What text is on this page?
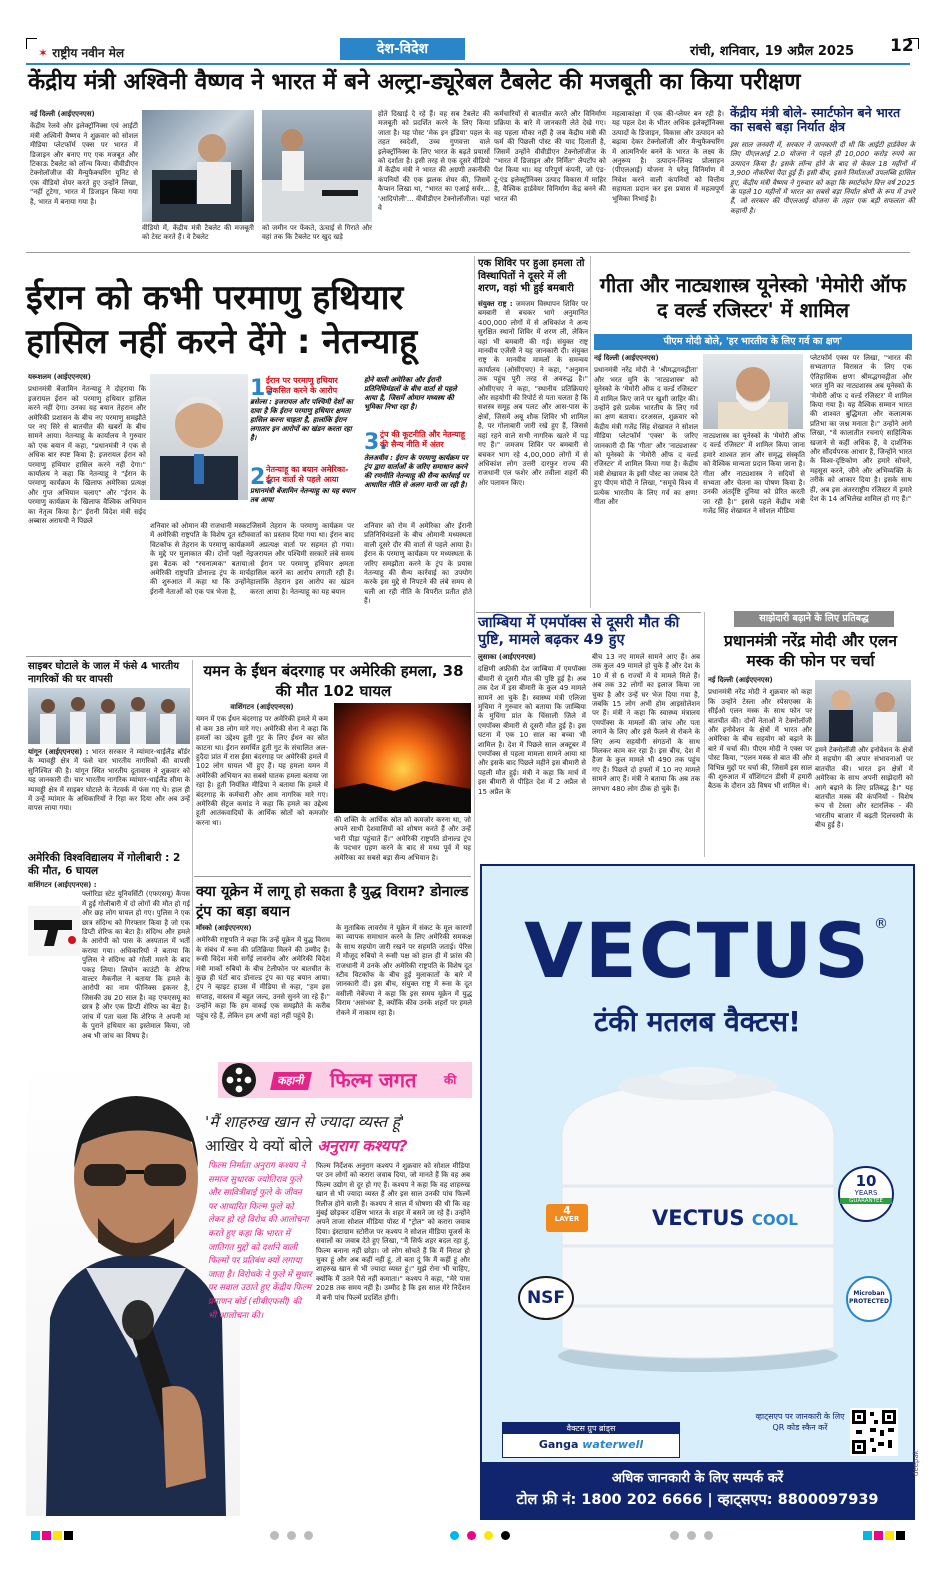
✶ राष्ट्रीय नवीन मेल	देश-विदेश	रांची, शनिवार, 19 अप्रैल 2025 12
केंद्रीय मंत्री अश्विनी वैष्णव ने भारत में बने अल्ट्रा-ड्यूरेबल टैबलेट की मजबूती का किया परीक्षण

नई दिल्ली (आईएएनएस)

केंद्रीय रेलवे और इलेक्ट्रॉनिक्स एवं आईटी मंत्री अश्विनी वैष्णव ने शुक्रवार को सोशल मीडिया प्लेटफॉर्म एक्स पर भारत में डिजाइन और बनाए गए एक मजबूत और टिकाऊ टैबलेट को लॉन्च किया। वीवीडीएन टेक्नोलॉजीज की मैन्युफैक्चरिंग यूनिट से एक वीडियो शेयर करते हुए उन्होंने लिखा, "नहीं टूटेगा, भारत में डिजाइन किया गया है, भारत में बनाया गया है।

वीडियो में, केंद्रीय मंत्री टैबलेट की मजबूती को टेस्ट करते हैं। वे टैबलेट

को जमीन पर फेंकते, ऊंचाई से गिराते और वहां तक कि टैबलेट पर खुद खड़े

होते दिखाई दे रहे हैं। वह सब टैबलेट की मजबूती को प्रदर्शित करने के लिए किया जाता है। यह पोस्ट 'मेक इन इंडिया' पहल के तहत स्वदेशी, उच्च गुणवत्ता वाले इलेक्ट्रॉनिक्स के लिए भारत के बढ़ते प्रयासों को दर्शाता है। इसी तरह से एक दूसरे वीडियो में केंद्रीय मंत्री ने भारत की अग्रणी तकनीकी कंपनियों की एक झलक शेयर की, जिसमें कैप्शन लिखा था, "भारत का एआई सर्वर... 'आदिपोली'... वीवीडीएन टेक्नोलॉजीज। यहां वे

कर्मचारियों से बातचीत करते और विनिर्माण प्रक्रिया के बारे में जानकारी लेते देखे गए। वह पहला मौका नहीं है जब केंद्रीय मंत्री की फर्म की पिछली पोस्ट की याद दिलाती है, जिसमें उन्होंने वीवीडीएन टेक्नोलॉजीज के "भारत में डिजाइन और निर्मित" लैपटॉप को पेश किया था। यह परिपूर्ण कंपनी, जो एंड-टू-एंड इलेक्ट्रॉनिक्स उत्पाद विकास में माहिर है, वैश्विक हार्डवेयर विनिर्माण केंद्र बनने की भारत की

महत्वाकांक्षा में एक की-प्लेयर बन रही है। यह पहल देश के भीतर अधिक इलेक्ट्रॉनिक्स उत्पादों के डिजाइन, विकास और उत्पादन को बढ़ावा देकर टेक्नोलॉजी और मैन्युफैक्चरिंग में आत्मनिर्भर बनने के भारत के लक्ष्य के अनुरूप है। उत्पादन-लिंक्ड प्रोत्साहन (पीएलआई) योजना ने घरेलू विनिर्माण में निवेश करने वाली कंपनियों को वित्तीय सहायता प्रदान कर इस प्रयास में महत्वपूर्ण भूमिका निभाई है।

केंद्रीय मंत्री बोले- स्मार्टफोन बने भारत का सबसे बड़ा निर्यात क्षेत्र

इस साल जनवरी में, सरकार ने जानकारी दी थी कि आईटी हार्डवेयर के लिए पीएलआई 2.0 योजना ने पहले ही 10,000 करोड़ रुपये का उत्पादन किया है। इसके लॉन्च होने के बाद से केवल 18 महीनों में 3,900 नौकरियां पैदा हुई हैं। इसी बीच, इसने निर्माताओं उपलब्धि हासिल हुए, केंद्रीय मंत्री वैष्णव ने गुरुवार को कहा कि स्मार्टफोन वित्त वर्ष 2025 के पहले 10 महीनों में भारत का सबसे बड़ा निर्यात श्रेणी के रूप में उभरे हैं, जो सरकार की पीएलआई योजना के तहत एक बड़ी सफलता की कहानी है।

ईरान को कभी परमाणु हथियार हासिल नहीं करने देंगे : नेतन्याहू

यरूशलम (आईएएनएस)

प्रधानमंत्री बेंजामिन नेतन्याहू ने दोहराया कि इजरायल ईरान को परमाणु हथियार हासिल करने नहीं देगा। उनका यह बयान तेहरान और अमेरिकी प्रशासन के बीच नए परमाणु समझौते पर नए सिरे से बातचीत की खबरों के बीच सामने आया। नेतन्याहू के कार्यालय ने गुरुवार को एक बयान में कहा, "प्रधानमंत्री ने एक से अधिक बार स्पष्ट किया है: इजरायल ईरान को परमाणु हथियार हासिल करने नहीं देगा।" कार्यालय ने कहा कि नेतन्याहू ने "ईरान के परमाणु कार्यक्रम के खिलाफ अमेरिका प्रत्यक्ष और गुप्त अभियान चलाए" और "ईरान के परमाणु कार्यक्रम के खिलाफ वैश्विक अभियान का नेतृत्व किया है।" ईरानी विदेश मंत्री सईद अब्बास अराघची ने पिछले

1.
ईरान पर परमाणु हथियार विकसित करने के आरोप
ब्रसेल्स : इजरायल और पश्चिमी देशों का दावा है कि ईरान परमाणु हथियार क्षमता हासिल करना चाहता है, हालांकि ईरान लगातार इन आरोपों का खंडन करता रहा है।
2.
नेतन्याहू का बयान अमेरिका-ईरान वार्ता से पहले आया
प्रधानमंत्री बेंजामिन नेतन्याहू का यह बयान तब आया
होने वाली अमेरिका और ईरानी प्रतिनिधिमंडलों के बीच वार्ता से पहले आया है, जिसमें ओमान मध्यस्थ की भूमिका निभा रहा है।
3.
ट्रंप की कूटनीति और नेतन्याहू की सैन्य नीति में अंतर
तेलअवीव : ईरान के परमाणु कार्यक्रम पर ट्रंप द्वारा वार्ताओं के जरिए समाधान करने की रणनीति नेतन्याहू की सैन्य कार्रवाई पर आधारित नीति से अलग मानी जा रही है।

शनिवार को ओमान की राजधानी मस्कट में अमेरिकी राष्ट्रपति के विशेष दूत स्टीव विटकॉफ से तेहरान के परमाणु कार्यक्रम के मुद्दे पर मुलाकात की। दोनों पक्षों ने इस बैठक को "रचनात्मक" बताया। अमेरिकी राष्ट्रपति डोनाल्ड ट्रंप के मार्च की शुरुआत में कहा था कि उन्होंने ईरानी नेताओं को एक पत्र भेजा है,

जिसमें तेहरान के परमाणु कार्यक्रम पर वार्ता का प्रस्ताव दिया गया था। ईरान बाद में अप्रत्यक्ष वार्ता पर सहमत हो गया। इजरायल और पश्चिमी सरकारें लंबे समय से ईरान पर परमाणु हथियार क्षमता हासिल करने का आरोप लगाती रही हैं। हालांकि तेहरान इस आरोप का खंडन करता आया है। नेतन्याहू का यह बयान

शनिवार को रोम में अमेरिका और ईरानी प्रतिनिधिमंडलों के बीच ओमानी मध्यस्थता वाली दूसरे दौर की वार्ता से पहले आया है। ईरान के परमाणु कार्यक्रम पर मध्यस्थता के जरिए समझौता करने के ट्रंप के प्रयास नेतन्याहू की सैन्य कार्रवाई का उपयोग करके इस मुद्दे से निपटने की लंबे समय से चली आ रही नीति के विपरीत प्रतीत होते हैं।

एक शिविर पर हुआ हमला तो विस्थापितों ने दूसरे में ली शरण, वहां भी हुई बमबारी

संयुक्त राष्ट्र : जमजम विस्थापन शिविर पर बमबारी से बचकर भागे अनुमानित 400,000 लोगों में से अधिकांश ने अन्य सुरक्षित स्थानों शिविर में शरण ली, लेकिन वहां भी बमबारी की गई। संयुक्त राष्ट्र मानवीय एजेंसी ने यह जानकारी दी। संयुक्त राष्ट्र के मानवीय मामलों के समन्वय कार्यालय (ओसीएचए) ने कहा, "अनुमान तक पहुंच पूरी तरह से अवरुद्ध है।" ओसीएचए ने कहा, "स्थानीय प्रतिक्रियाएं और सहयोगी की रिपोर्ट से पता चलता है कि सशस्त्र समूह अब पलट और आस-पास के क्षेत्रों, जिसमें अबू शौक शिविर भी शामिल है, पर गोलाबारी जारी रखे हुए हैं, जिससे वहां रहने वाले सभी नागरिक खतरे में पड़ गए हैं।" जमजम शिविर पर बमबारी से बचकर भाग रहे 4,00,000 लोगों में से अधिकांश लोग उत्तरी दारफुर राज्य की राजधानी एल फशेर और तवीला शहरों की ओर पलायन किए।

गीता और नाट्यशास्त्र यूनेस्को 'मेमोरी ऑफ द वर्ल्ड रजिस्टर' में शामिल
पीएम मोदी बोले, 'हर भारतीय के लिए गर्व का क्षण'

नई दिल्ली (आईएएनएस)

प्रधानमंत्री नरेंद्र मोदी ने 'श्रीमद्भगवद्गीता' और भरत मुनि के 'नाट्यशास्त्र' को यूनेस्को के 'मेमोरी ऑफ द वर्ल्ड रजिस्टर' में शामिल किए जाने पर खुशी जाहिर की। उन्होंने इसे प्रत्येक भारतीय के लिए गर्व का क्षण बताया। दरअसल, शुक्रवार को केंद्रीय मंत्री गजेंद्र सिंह शेखावत ने सोशल मीडिया प्लेटफॉर्म 'एक्स' के जरिए जानकारी दी कि 'गीता' और 'नाट्यशास्त्र' को यूनेस्को के 'मेमोरी ऑफ द वर्ल्ड रजिस्टर' में शामिल किया गया है। केंद्रीय मंत्री शेखावत के इसी पोस्ट का जवाब देते हुए पीएम मोदी ने लिखा, "समूचे विश्व में प्रत्येक भारतीय के लिए गर्व का क्षण! गीता और

नाट्यशास्त्र का यूनेस्को के 'मेमोरी ऑफ द वर्ल्ड रजिस्टर' में शामिल किया जाना हमारे शाश्वत ज्ञान और समृद्ध संस्कृति को वैश्विक मान्यता प्रदान किया जाना है। गीता और नाट्यशास्त्र ने सदियों से सभ्यता और चेतना का पोषण किया है। उनकी अंतर्दृष्टि दुनिया को प्रेरित करती जा रही है।" इससे पहले केंद्रीय मंत्री गजेंद्र सिंह शेखावत ने सोशल मीडिया

प्लेटफॉर्म एक्स पर लिखा, "भारत की सभ्यतागत विरासत के लिए एक ऐतिहासिक क्षण! श्रीमद्भगवद्गीता और भरत मुनि का नाट्यशास्त्र अब यूनेस्को के 'मेमोरी ऑफ द वर्ल्ड रजिस्टर' में शामिल किया गया है। यह वैश्विक सम्मान भारत की शाश्वत बुद्धिमता और कलात्मक प्रतिभा का जश्न मनाता है।" उन्होंने आगे लिखा, "ये कालातीत रचनाएं साहित्यिक खजाने से कहीं अधिक हैं, वे दार्शनिक और सौंदर्यपरक आधार हैं, जिन्होंने भारत के विश्व-दृष्टिकोण और हमारे सोचने, महसूस करने, जीने और अभिव्यक्ति के तरीके को आकार दिया है। इसके साथ ही, अब इस अंतरराष्ट्रीय रजिस्टर में हमारे देश के 14 अभिलेख शामिल हो गए हैं।"

जाम्बिया में एमपॉक्स से दूसरी मौत की पुष्टि, मामले बढ़कर 49 हुए

लुसाका (आईएएनएस)

दक्षिणी अफ्रीकी देश जाम्बिया में एमपॉक्स बीमारी से दूसरी मौत की पुष्टि हुई है। अब तक देश में इस बीमारी के कुल 49 मामले सामने आ चुके हैं। स्वास्थ्य मंत्री एलिजा मुचिमा ने गुरुवार को बताया कि जाम्बिया के मुचिंगा प्रांत के चिंसाली जिले में एमपॉक्स बीमारी से दूसरी मौत हुई है। इस घटना में एक 10 साल का बच्चा भी शामिल है। देश में पिछले साल अक्टूबर में एमपॉक्स से पहला मामला सामने आया था और इसके बाद पिछले महीने इस बीमारी से पहली मौत हुई। मंत्री ने कहा कि मार्च में इस बीमारी से पीड़ित देश में 2 अप्रैल से 15 अप्रैल के

बीच 13 नए मामले सामने आए हैं। अब तक कुल 49 मामले हो चुके हैं और देश के 10 में से 6 राज्यों में ये मामले मिले हैं। अब तक 32 लोगों का इलाज किया जा चुका है और उन्हें घर भेज दिया गया है, जबकि 15 लोग अभी होम आइसोलेशन पर हैं। मंत्री ने कहा कि स्वास्थ्य मंत्रालय एमपॉक्स के मामलों की जांच और पता लगाने के लिए और इसे फैलने से रोकने के लिए अन्य सहयोगी संगठनों के साथ मिलकर काम कर रहा है। इस बीच, देश में हैजा के कुल मामले भी 490 तक पहुंच गए हैं। पिछले दो हफ्तों में 10 नए मामले सामने आए हैं। मंत्री ने बताया कि अब तक लगभग 480 लोग ठीक हो चुके हैं।

साझेदारी बढ़ाने के लिए प्रतिबद्ध
प्रधानमंत्री नरेंद्र मोदी और एलन मस्क की फोन पर चर्चा

नई दिल्ली (आईएएनएस)

प्रधानमंत्री नरेंद्र मोदी ने शुक्रवार को कहा कि उन्होंने टेस्ला और स्पेसएक्स के सीईओ एलन मस्क के साथ फोन पर बातचीत की। दोनों नेताओं ने टेक्नोलॉजी और इनोवेशन के क्षेत्रों में भारत और अमेरिका के बीच सहयोग को बढ़ाने के बारे में चर्चा की। पीएम मोदी ने एक्स पर पोस्ट किया, "एलन मस्क से बात की और विभिन्न मुद्दों पर चर्चा की, जिसमें इस साल की शुरुआत में वॉशिंगटन डीसी में हमारी बैठक के दौरान उठे विषय भी शामिल थे।

हमने टेक्नोलॉजी और इनोवेशन के क्षेत्रों में सहयोग की अपार संभावनाओं पर बातचीत की। भारत इन क्षेत्रों में अमेरिका के साथ अपनी साझेदारी को आगे बढ़ाने के लिए प्रतिबद्ध है।" यह बातचीत मस्क की कंपनियों - विशेष रूप से टेस्ला और स्टारलिंक - की भारतीय बाजार में बढ़ती दिलचस्पी के बीच हुई है।

साइबर घोटाले के जाल में फंसे 4 भारतीय नागरिकों की घर वापसी

यांगून (आईएएनएस) : भारत सरकार ने म्यांमार-थाईलैंड बॉर्डर के म्यावड्डी क्षेत्र में फंसे चार भारतीय नागरिकों की वापसी सुनिश्चित की है। यांगून स्थित भारतीय दूतावास ने शुक्रवार को यह जानकारी दी। चार भारतीय नागरिक म्यांमार-थाईलैंड सीमा के म्यावड्डी क्षेत्र में साइबर घोटाले के नेटवर्क में फंस गए थे। हाल ही में उन्हें म्यांमार के अधिकारियों ने रिहा कर दिया और अब उन्हें वापस लाया गया।

अमेरिकी विश्वविद्यालय में गोलीबारी : 2 की मौत, 6 घायल

वाशिंगटन (आईएएनएस) :
फ्लोरिडा स्टेट यूनिवर्सिटी (एफएसयू) कैंपस में हुई गोलीबारी में दो लोगों की मौत हो गई और छह लोग घायल हो गए। पुलिस ने एक छात्र संदिग्ध को गिरफ्तार किया है जो एक डिप्टी शेरिफ का बेटा है। संदिग्ध और हमले के आरोपी को पास के अस्पताल में भर्ती कराया गया। अधिकारियों ने बताया कि पुलिस ने संदिग्ध को गोली मारने के बाद पकड़ लिया। लियोन काउंटी के शेरिफ वाल्टर मैकनील ने बताया कि हमले के आरोपी का नाम फीनिक्स इकनर है, जिसकी उम्र 20 साल है। वह एफएसयू का छात्र है और एक डिप्टी शेरिफ का बेटा है। जांच में पता चला कि शेरिफ ने अपनी मां के पुराने हथियार का इस्तेमाल किया, जो अब भी जांच का विषय है।

यमन के ईंधन बंदरगाह पर अमेरिकी हमला, 38 की मौत 102 घायल

वाशिंगटन (आईएएनएस)

यमन में एक ईंधन बंदरगाह पर अमेरिकी हमले में कम से कम 38 लोग मारे गए। अमेरिकी सेना ने कहा कि हमलों का उद्देश्य हूती गुट के लिए ईंधन का स्रोत काटना था। ईरान समर्थित हूती गुट के संचालित अल-हुदैदा प्रांत में रास ईसा बंदरगाह पर अमेरिकी हमले में 102 लोग घायल भी हुए हैं। यह हमला यमन में अमेरिकी अभियान का सबसे घातक हमला बताया जा रहा है। हूती नियंत्रित मीडिया ने बताया कि हमले में बंदरगाह के कर्मचारी और आम नागरिक मारे गए। अमेरिकी सेंट्रल कमांड ने कहा कि हमले का उद्देश्य हूती आतंकवादियों के आर्थिक स्रोतों को कमजोर करना था।	की शक्ति के आर्थिक स्रोत को कमजोर करना था, जो अपने साथी देशवासियों को शोषण करते हैं और उन्हें भारी पीड़ा पहुंचाते हैं।" अमेरिकी राष्ट्रपति डोनाल्ड ट्रंप के पदभार ग्रहण करने के बाद से मध्य पूर्व में यह अमेरिका का सबसे बड़ा सैन्य अभियान है।

क्या यूक्रेन में लागू हो सकता है युद्ध विराम? डोनाल्ड ट्रंप का बड़ा बयान

मॉस्को (आईएएनएस)

अमेरिकी राष्ट्रपति ने कहा कि उन्हें यूक्रेन में युद्ध विराम के संबंध में रूस की प्रतिक्रिया मिलने की उम्मीद है। रूसी विदेश मंत्री सर्गेई लावरोव और अमेरिकी विदेश मंत्री मार्को रुबियो के बीच टेलीफोन पर बातचीत के कुछ ही घंटों बाद डोनाल्ड ट्रंप का यह बयान आया। ट्रंप ने व्हाइट हाउस में मीडिया से कहा, "हम इस सप्ताह, वास्तव में बहुत जल्द, उनसे सुनने जा रहे हैं।" उन्होंने कहा कि हम वाकई एक समझौते के करीब पहुंच रहे हैं, लेकिन हम अभी वहां नहीं पहुंचे हैं।

के मुताबिक लावरोव ने यूक्रेन में संकट के मूल कारणों का व्यापक समाधान करने के लिए अमेरिकी समकक्ष के साथ सहयोग जारी रखने पर सहमति जताई। पेरिस में मौजूद रुबियो ने रूसी पक्ष को हाल ही में फ्रांस की राजधानी में उनके और अमेरिकी राष्ट्रपति के विशेष दूत स्टीव विटकॉफ के बीच हुई मुलाकातों के बारे में जानकारी दी। इस बीच, संयुक्त राष्ट्र में रूस के दूत वसीली नेबेंज्या ने कहा कि इस समय यूक्रेन में युद्ध विराम 'असंभव' है, क्योंकि कीव उनके शहरों पर हमले रोकने में नाकाम रहा है।

कहानी	फिल्म जगत की
'मैं शाहरुख खान से ज्यादा व्यस्त हूं'
आखिर ये क्यों बोले अनुराग कश्यप?
फिल्म निर्माता अनुराग कश्यप ने समाज सुधारक ज्योतिराव फुले और सावित्रीबाई फुले के जीवन पर आधारित फिल्म फुले को लेकर हो रहे विरोध की आलोचना करते हुए कहा कि भारत में जातिगत मुद्दों को दर्शाने वाली फिल्मों पर प्रतिबंध क्यों लगाया जाता है। विरोधके ने फुले में सुधार पर सवाल उठाते हुए केंद्रीय फिल्म प्रमाणन बोर्ड (सीबीएफसी) की भी आलोचना की।

फिल्म निर्देशक अनुराग कश्यप ने शुक्रवार को सोशल मीडिया पर उन लोगों को करारा जवाब दिया, जो मानते हैं कि वह अब फिल्म उद्योग से दूर हो गए हैं। कश्यप ने कहा कि वह शाहरुख खान से भी ज्यादा व्यस्त हैं और इस साल उनकी पांच फिल्में रिलीज होने वाली हैं। कश्यप ने साल में घोषणा की थी कि वह मुंबई छोड़कर दक्षिण भारत के शहर में बसने जा रहे हैं। उन्होंने अपने ताजा सोशल मीडिया पोस्ट में "ट्रोल" को करारा जवाब दिया। इंस्टाग्राम स्टोरीज पर कश्यप ने सोशल मीडिया यूजर्स के सवालों का जवाब देते हुए लिखा, "मैं सिर्फ शहर बदल रहा हूं, फिल्म बनाना नहीं छोड़ा। जो लोग सोचते हैं कि मैं निराश हो चुका हूं और अब कहीं नहीं हूं, तो बता दूं कि मैं कहीं हूं और शाहरुख खान से भी ज्यादा व्यस्त हूं।" मुझे रोना भी चाहिए, क्योंकि मैं उतने पैसे नहीं कमाता।" कश्यप ने कहा, "मेरे पास 2028 तक समय नहीं है। उम्मीद है कि इस साल मेरे निर्देशन में बनी पांच फिल्में प्रदर्शित होंगी।

VECTUS ®
टंकी मतलब वैक्टस!
VECTUS COOL
4
LAYER
10
YEARS
GUARANTEE
NSF	Microban PROTECTED
वैक्टस ग्रुप ब्रांड्स
Ganga waterwell
व्हाट्सएप पर जानकारी के लिए QR कोड स्कैन करें
अधिक जानकारी के लिए सम्पर्क करें
टोल फ्री नं: 1800 202 6666 | व्हाट्सएप: 8800097939
deepak
